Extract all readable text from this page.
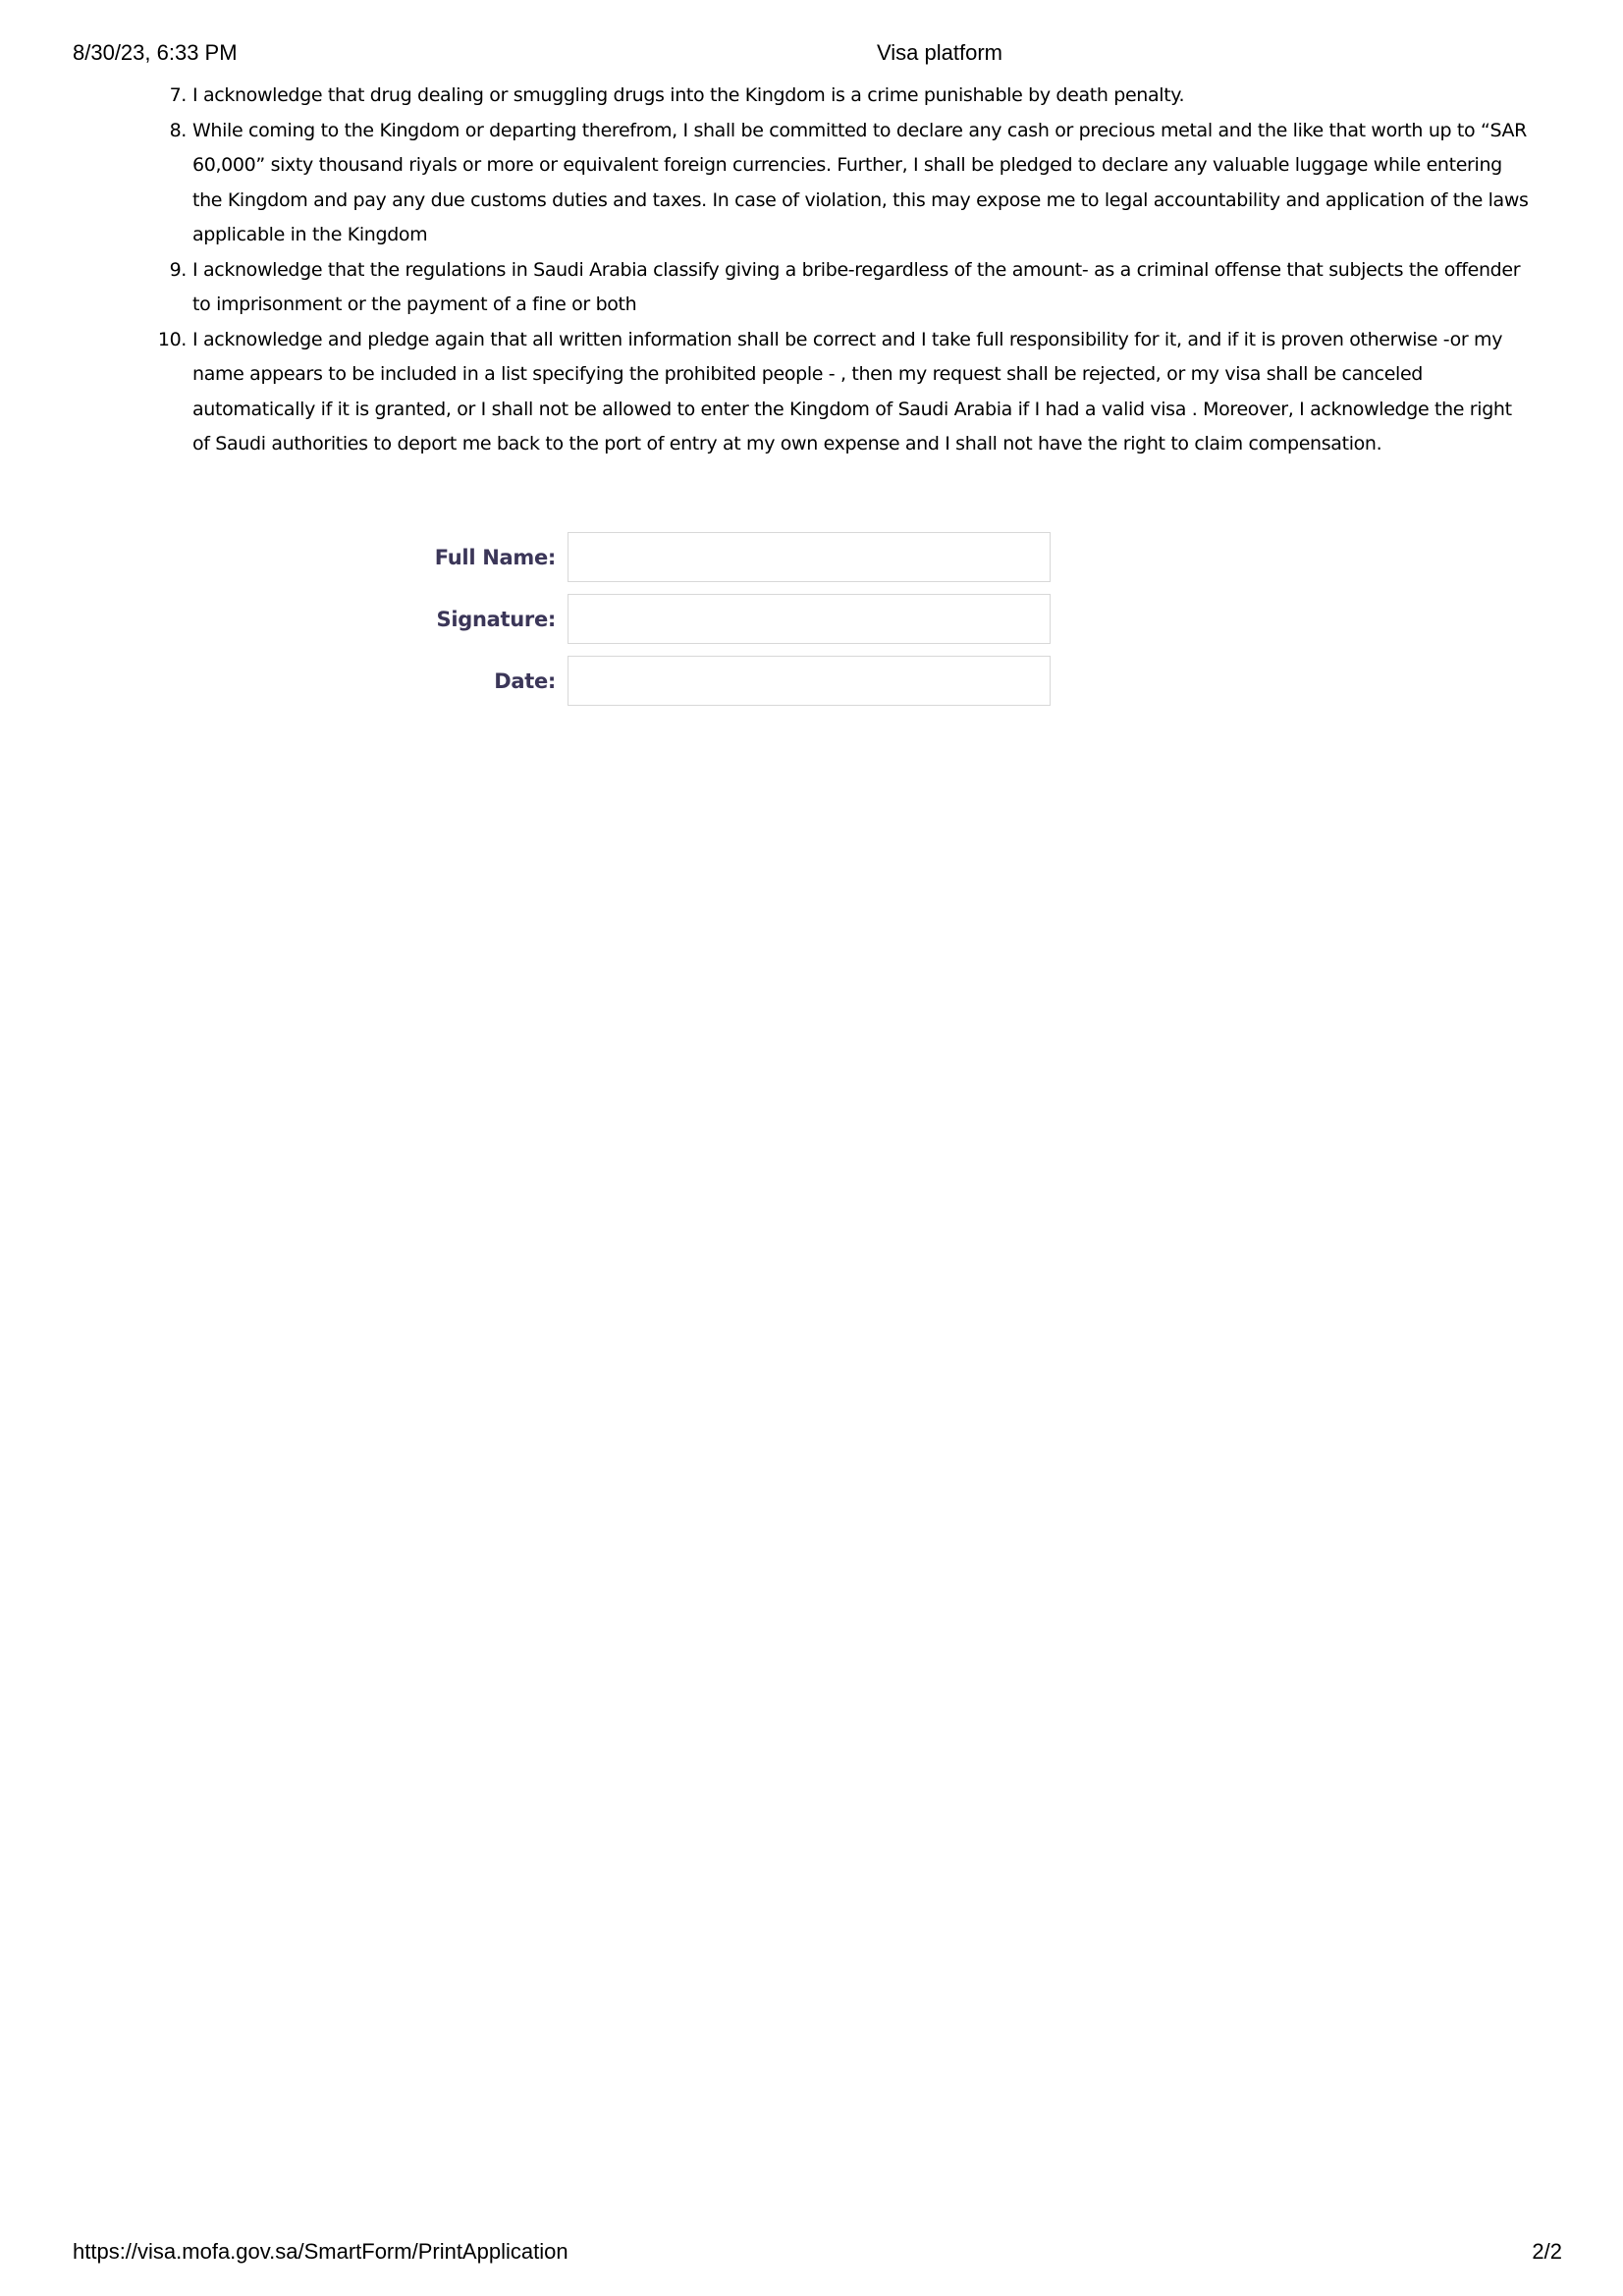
8/30/23, 6:33 PM	Visa platform
7. I acknowledge that drug dealing or smuggling drugs into the Kingdom is a crime punishable by death penalty.
8. While coming to the Kingdom or departing therefrom, I shall be committed to declare any cash or precious metal and the like that worth up to “SAR 60,000” sixty thousand riyals or more or equivalent foreign currencies. Further, I shall be pledged to declare any valuable luggage while entering the Kingdom and pay any due customs duties and taxes. In case of violation, this may expose me to legal accountability and application of the laws applicable in the Kingdom
9. I acknowledge that the regulations in Saudi Arabia classify giving a bribe-regardless of the amount- as a criminal offense that subjects the offender to imprisonment or the payment of a fine or both
10. I acknowledge and pledge again that all written information shall be correct and I take full responsibility for it, and if it is proven otherwise -or my name appears to be included in a list specifying the prohibited people - , then my request shall be rejected, or my visa shall be canceled automatically if it is granted, or I shall not be allowed to enter the Kingdom of Saudi Arabia if I had a valid visa . Moreover, I acknowledge the right of Saudi authorities to deport me back to the port of entry at my own expense and I shall not have the right to claim compensation.
Full Name:
Signature:
Date:
https://visa.mofa.gov.sa/SmartForm/PrintApplication	2/2
